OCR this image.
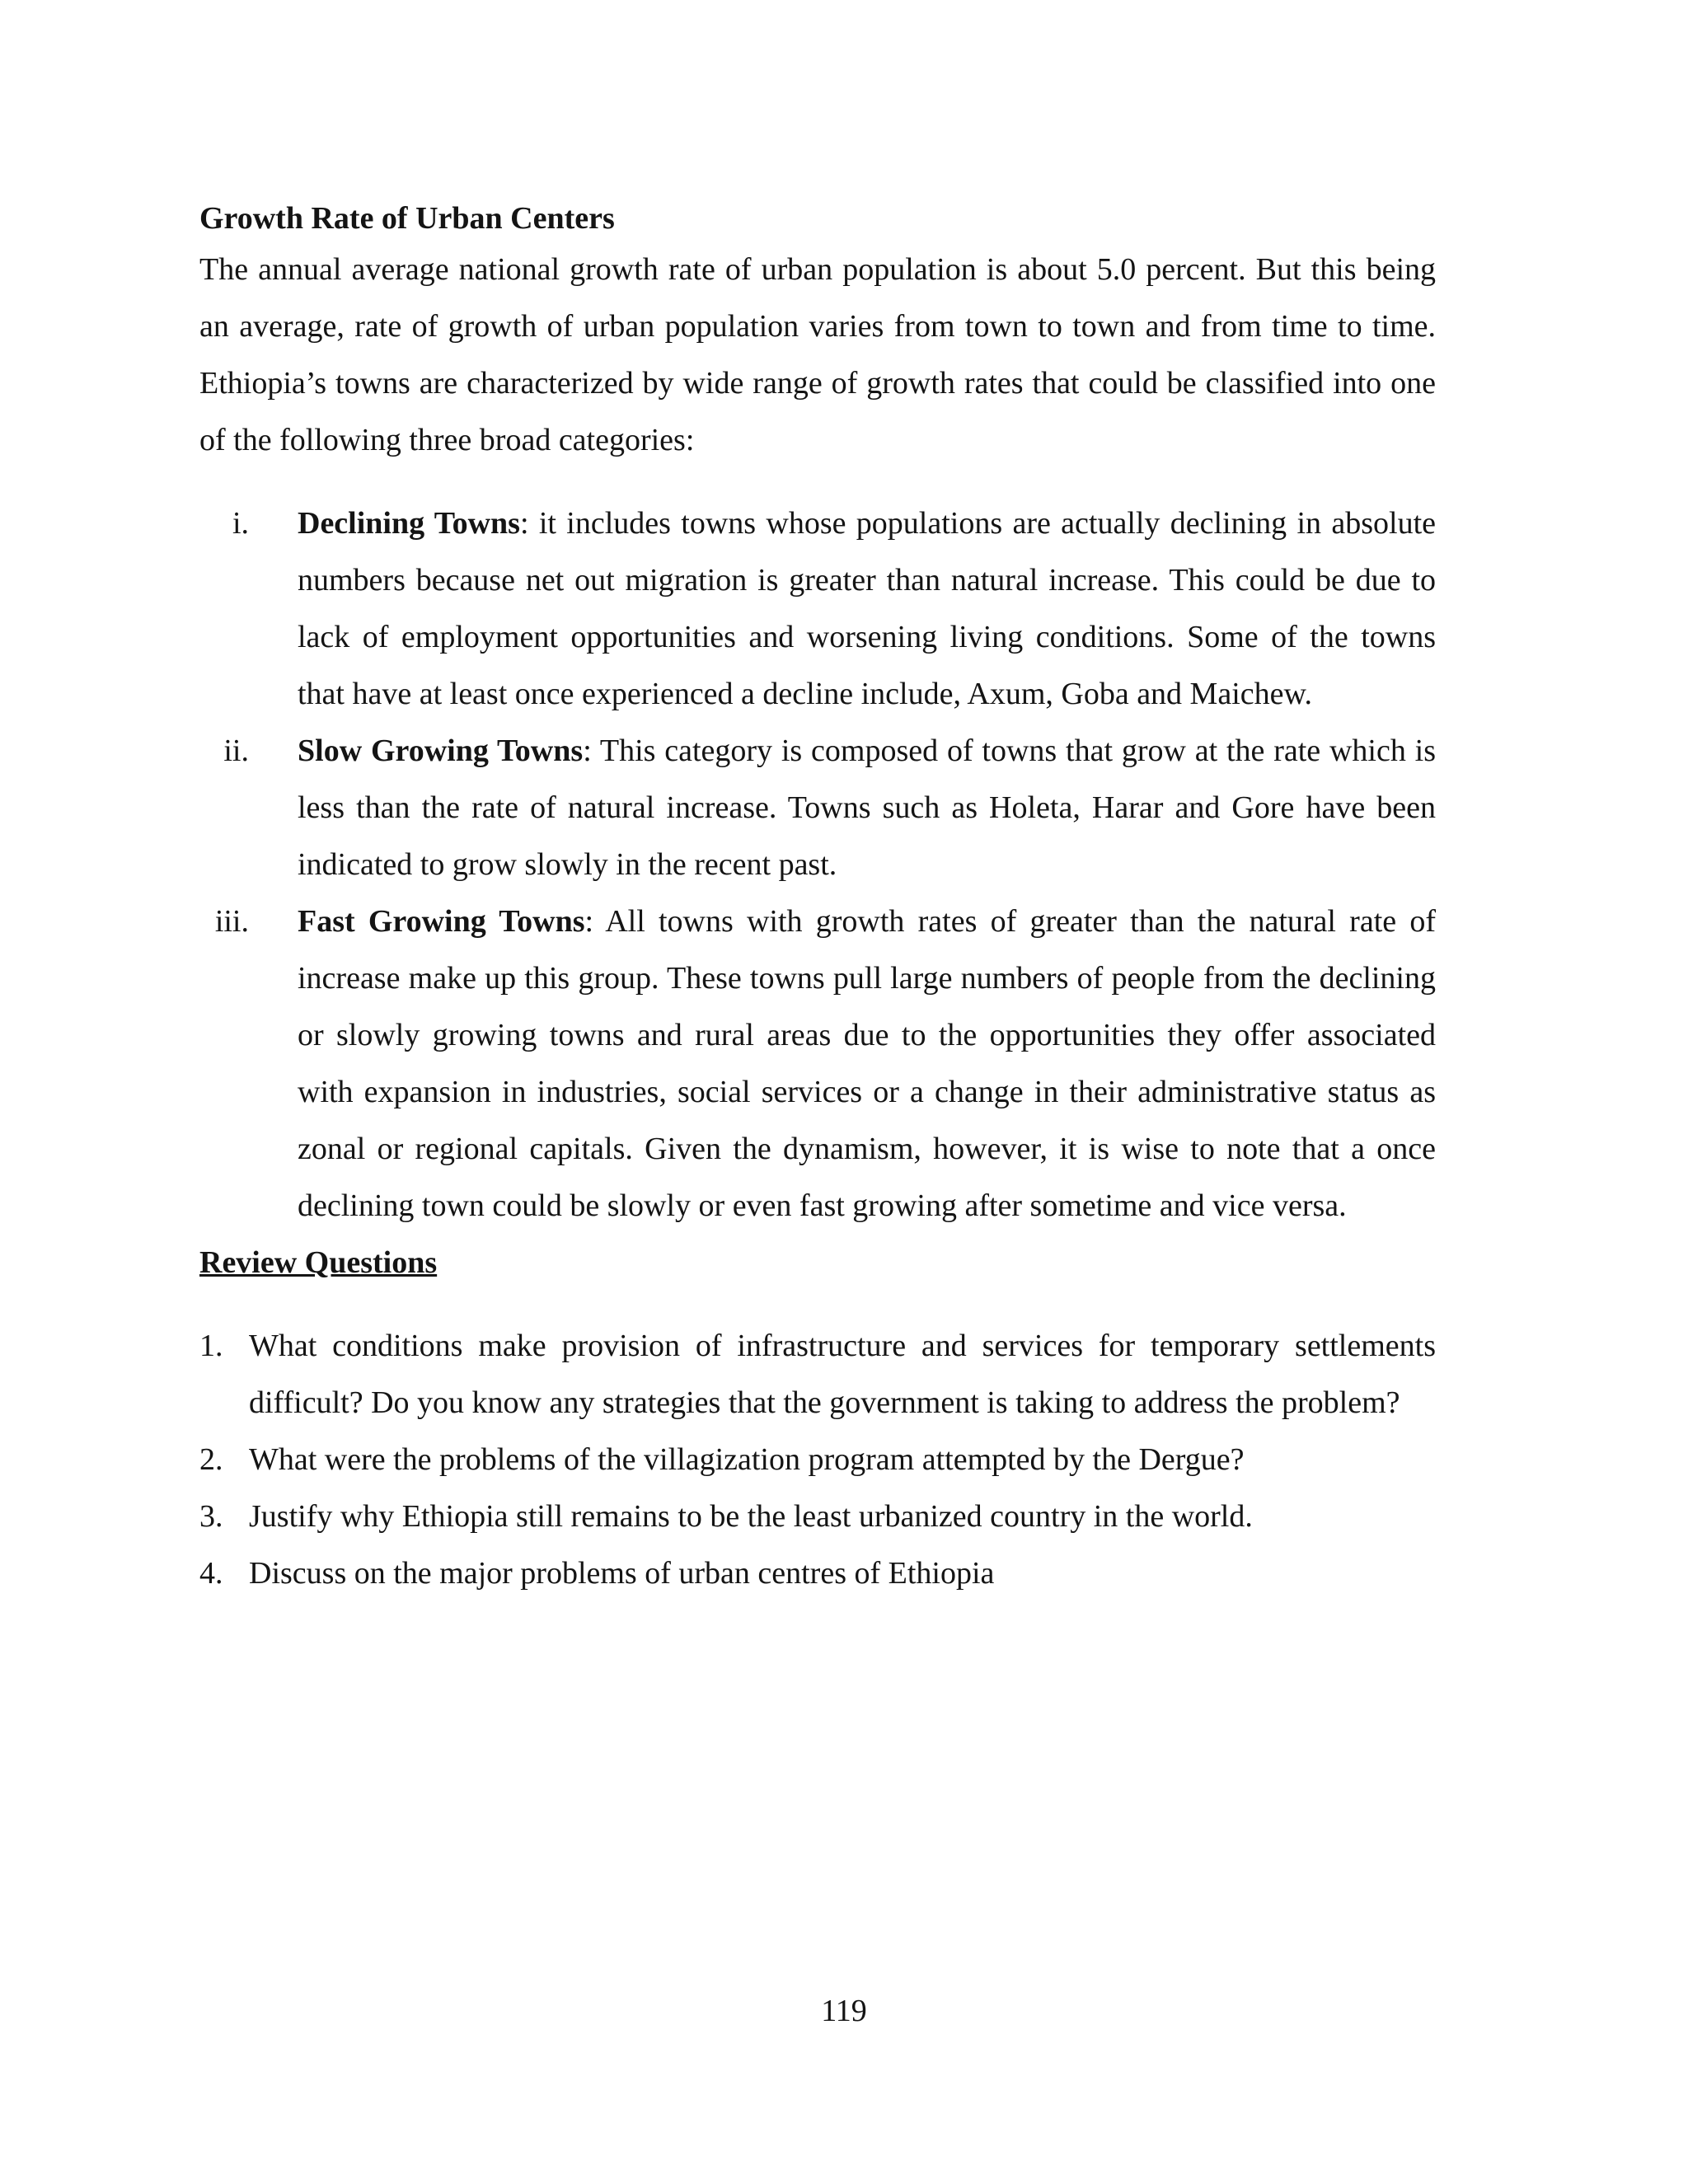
Growth Rate of Urban Centers

The annual average national growth rate of urban population is about 5.0 percent. But this being an average, rate of growth of urban population varies from town to town and from time to time. Ethiopia’s towns are characterized by wide range of growth rates that could be classified into one of the following three broad categories:

i. Declining Towns: it includes towns whose populations are actually declining in absolute numbers because net out migration is greater than natural increase. This could be due to lack of employment opportunities and worsening living conditions. Some of the towns that have at least once experienced a decline include, Axum, Goba and Maichew.
ii. Slow Growing Towns: This category is composed of towns that grow at the rate which is less than the rate of natural increase. Towns such as Holeta, Harar and Gore have been indicated to grow slowly in the recent past.
iii. Fast Growing Towns: All towns with growth rates of greater than the natural rate of increase make up this group. These towns pull large numbers of people from the declining or slowly growing towns and rural areas due to the opportunities they offer associated with expansion in industries, social services or a change in their administrative status as zonal or regional capitals. Given the dynamism, however, it is wise to note that a once declining town could be slowly or even fast growing after sometime and vice versa.

Review Questions

1. What conditions make provision of infrastructure and services for temporary settlements difficult? Do you know any strategies that the government is taking to address the problem?
2. What were the problems of the villagization program attempted by the Dergue?
3. Justify why Ethiopia still remains to be the least urbanized country in the world.
4. Discuss on the major problems of urban centres of Ethiopia
119
